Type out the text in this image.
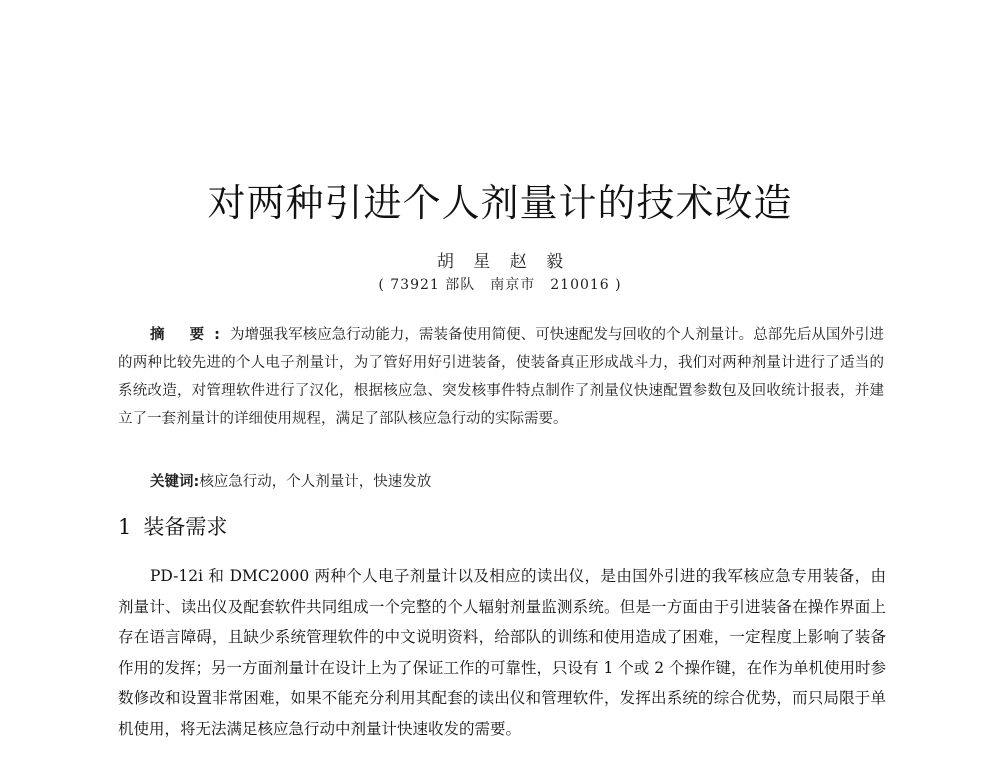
对两种引进个人剂量计的技术改造
胡 星 赵 毅
( 73921 部队　南京市　210016 )

摘 要:为增强我军核应急行动能力，需装备使用简便、可快速配发与回收的个人剂量计。总部先后从国外引进的两种比较先进的个人电子剂量计，为了管好用好引进装备，使装备真正形成战斗力，我们对两种剂量计进行了适当的系统改造，对管理软件进行了汉化，根据核应急、突发核事件特点制作了剂量仪快速配置参数包及回收统计报表，并建立了一套剂量计的详细使用规程，满足了部队核应急行动的实际需要。

关键词:核应急行动，个人剂量计，快速发放
1 装备需求

PD-12i 和 DMC2000 两种个人电子剂量计以及相应的读出仪，是由国外引进的我军核应急专用装备，由剂量计、读出仪及配套软件共同组成一个完整的个人辐射剂量监测系统。但是一方面由于引进装备在操作界面上存在语言障碍，且缺少系统管理软件的中文说明资料，给部队的训练和使用造成了困难，一定程度上影响了装备作用的发挥；另一方面剂量计在设计上为了保证工作的可靠性，只设有 1 个或 2 个操作键，在作为单机使用时参数修改和设置非常困难，如果不能充分利用其配套的读出仪和管理软件，发挥出系统的综合优势，而只局限于单机使用，将无法满足核应急行动中剂量计快速收发的需要。
